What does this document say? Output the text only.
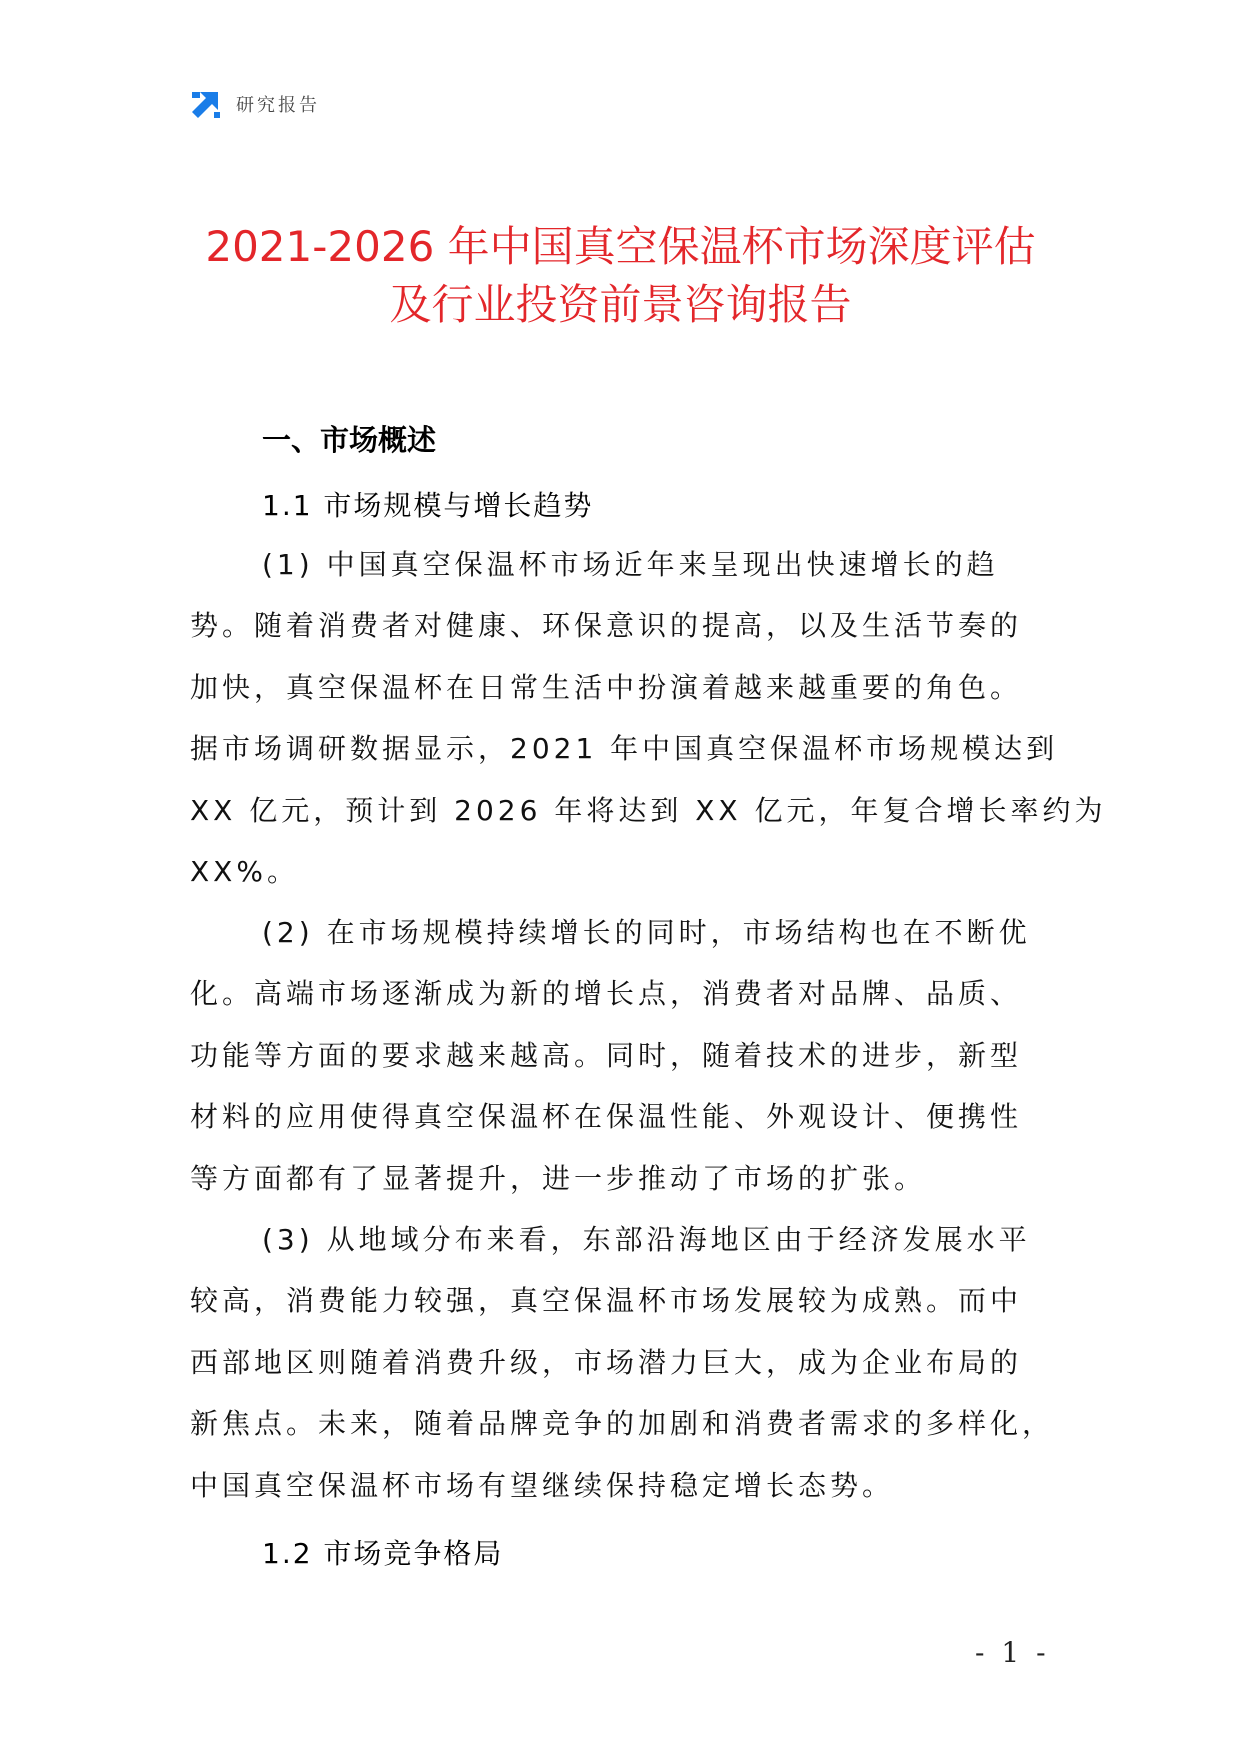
研究报告
2021-2026 年中国真空保温杯市场深度评估
及行业投资前景咨询报告
一、市场概述
1.1 市场规模与增长趋势
(1) 中国真空保温杯市场近年来呈现出快速增长的趋
势。随着消费者对健康、环保意识的提高，以及生活节奏的
加快，真空保温杯在日常生活中扮演着越来越重要的角色。
据市场调研数据显示，2021 年中国真空保温杯市场规模达到
XX 亿元，预计到 2026 年将达到 XX 亿元，年复合增长率约为
XX%。
(2) 在市场规模持续增长的同时，市场结构也在不断优
化。高端市场逐渐成为新的增长点，消费者对品牌、品质、
功能等方面的要求越来越高。同时，随着技术的进步，新型
材料的应用使得真空保温杯在保温性能、外观设计、便携性
等方面都有了显著提升，进一步推动了市场的扩张。
(3) 从地域分布来看，东部沿海地区由于经济发展水平
较高，消费能力较强，真空保温杯市场发展较为成熟。而中
西部地区则随着消费升级，市场潜力巨大，成为企业布局的
新焦点。未来，随着品牌竞争的加剧和消费者需求的多样化，
中国真空保温杯市场有望继续保持稳定增长态势。
1.2 市场竞争格局
- 1 -
